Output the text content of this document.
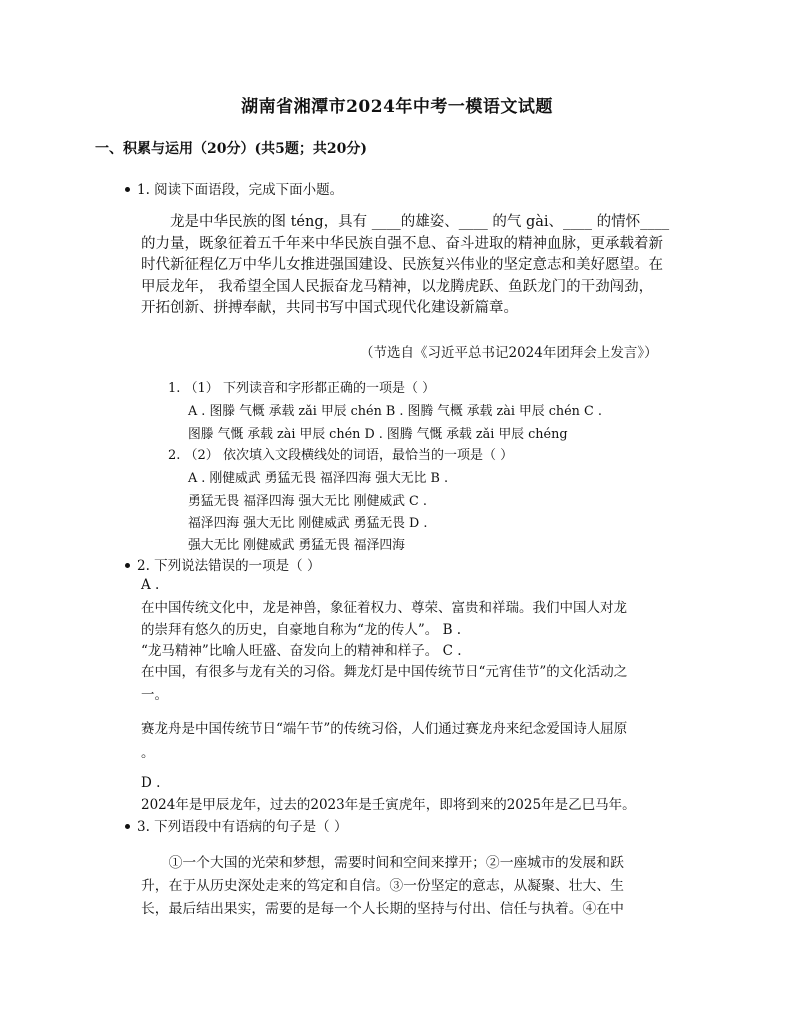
湖南省湘潭市2024年中考一模语文试题
一、积累与运用（20分）(共5题；共20分)
1. 阅读下面语段，完成下面小题。
龙是中华民族的图 téng，具有 ____的雄姿、____ 的气 gài、____ 的情怀____
的力量，既象征着五千年来中华民族自强不息、奋斗进取的精神血脉，更承载着新
时代新征程亿万中华儿女推进强国建设、民族复兴伟业的坚定意志和美好愿望。在
甲辰龙年， 我希望全国人民振奋龙马精神，以龙腾虎跃、鱼跃龙门的干劲闯劲，
开拓创新、拼搏奉献，共同书写中国式现代化建设新篇章。
（节选自《习近平总书记2024年团拜会上发言》）
1. （1） 下列读音和字形都正确的一项是（ ）
A . 图滕 气概 承载 zǎi 甲辰 chén B . 图腾 气概 承载 zài 甲辰 chén C .
图滕 气慨 承载 zài 甲辰 chén D . 图腾 气慨 承载 zǎi 甲辰 chéng
2. （2） 依次填入文段横线处的词语，最恰当的一项是（ ）
A . 刚健威武 勇猛无畏 福泽四海 强大无比 B .
勇猛无畏 福泽四海 强大无比 刚健威武 C .
福泽四海 强大无比 刚健威武 勇猛无畏 D .
强大无比 刚健威武 勇猛无畏 福泽四海
2. 下列说法错误的一项是（ ）
A .
在中国传统文化中，龙是神兽，象征着权力、尊荣、富贵和祥瑞。我们中国人对龙
的崇拜有悠久的历史，自豪地自称为“龙的传人”。 B .
“龙马精神”比喻人旺盛、奋发向上的精神和样子。 C .
在中国，有很多与龙有关的习俗。舞龙灯是中国传统节日“元宵佳节”的文化活动之
一。
赛龙舟是中国传统节日“端午节”的传统习俗，人们通过赛龙舟来纪念爱国诗人屈原
。
D .
2024年是甲辰龙年，过去的2023年是壬寅虎年，即将到来的2025年是乙巳马年。
3. 下列语段中有语病的句子是（ ）
①一个大国的光荣和梦想，需要时间和空间来撑开；②一座城市的发展和跃
升，在于从历史深处走来的笃定和自信。③一份坚定的意志，从凝聚、壮大、生
长，最后结出果实，需要的是每一个人长期的坚持与付出、信任与执着。④在中
